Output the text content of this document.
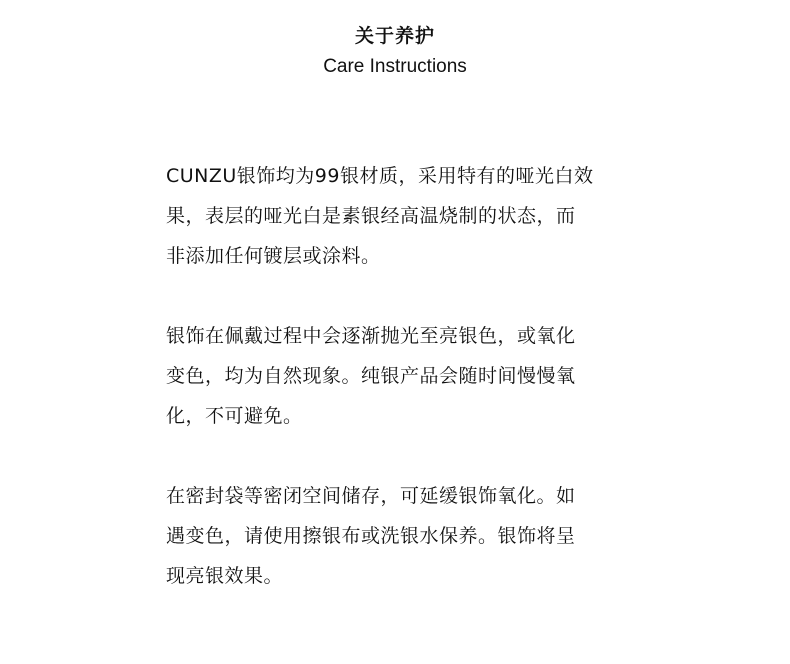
关于养护
Care Instructions
CUNZU银饰均为99银材质，采用特有的哑光白效
果，表层的哑光白是素银经高温烧制的状态，而
非添加任何镀层或涂料。
银饰在佩戴过程中会逐渐抛光至亮银色，或氧化
变色，均为自然现象。纯银产品会随时间慢慢氧
化，不可避免。
在密封袋等密闭空间储存，可延缓银饰氧化。如
遇变色，请使用擦银布或洗银水保养。银饰将呈
现亮银效果。
